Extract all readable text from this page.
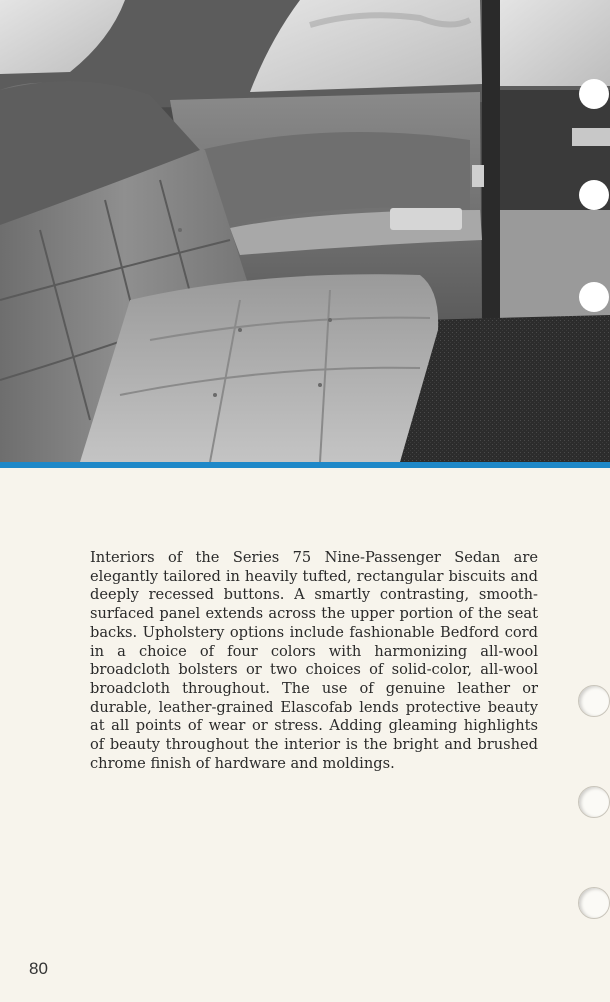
Interiors of the Series 75 Nine-Passenger Sedan are elegantly tailored in heavily tufted, rectangular biscuits and deeply recessed buttons. A smartly contrasting, smooth-surfaced panel extends across the upper portion of the seat backs. Upholstery options include fashionable Bedford cord in a choice of four colors with harmonizing all-wool broadcloth bolsters or two choices of solid-color, all-wool broadcloth throughout. The use of genuine leather or durable, leather-grained Elascofab lends protective beauty at all points of wear or stress. Adding gleaming highlights of beauty throughout the interior is the bright and brushed chrome finish of hardware and moldings.

80
